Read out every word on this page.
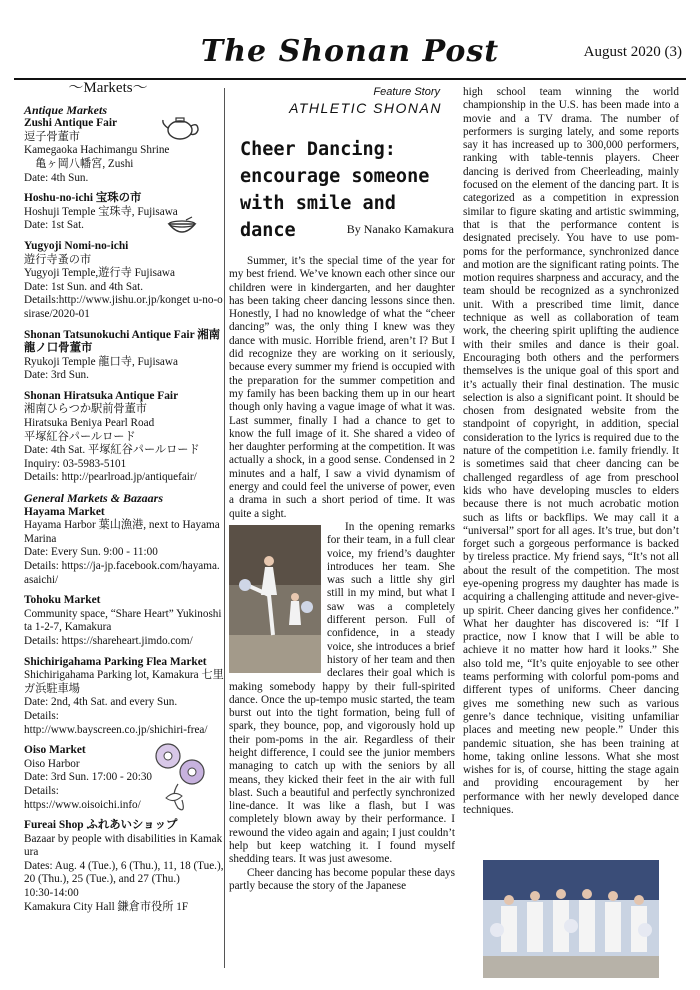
The Shonan Post	August 2020 (3)
～Markets～
Antique Markets
Zushi Antique Fair
逗子骨董市
Kamegaoka Hachimangu Shrine
　亀ヶ岡八幡宮, Zushi
Date: 4th Sun.
Hoshu-no-ichi 宝珠の市
Hoshuji Temple 宝珠寺, Fujisawa
Date: 1st Sat.
Yugyoji Nomi-no-ichi
遊行寺蚤の市
Yugyoji Temple,遊行寺 Fujisawa
Date: 1st Sun. and 4th Sat.
Details:http://www.jishu.or.jp/konget u-no-osirase/2020-01
Shonan Tatsunokuchi Antique Fair 湘南龍ノ口骨董市
Ryukoji Temple 龍口寺, Fujisawa
Date: 3rd Sun.
Shonan Hiratsuka Antique Fair
湘南ひらつか駅前骨董市
Hiratsuka Beniya Pearl Road
平塚紅谷パールロード
Date: 4th Sat. 平塚紅谷パールロード
Inquiry: 03-5983-5101
Details: http://pearlroad.jp/antiquefair/
General Markets & Bazaars
Hayama Market
Hayama Harbor 葉山漁港, next to Hayama Marina
Date: Every Sun. 9:00 - 11:00
Details: https://ja-jp.facebook.com/hayama.asaichi/
Tohoku Market
Community space, “Share Heart” Yukinoshita 1-2-7, Kamakura
Details: https://shareheart.jimdo.com/
Shichirigahama Parking Flea Market
Shichirigahama Parking lot, Kamakura 七里ガ浜駐車場
Date: 2nd, 4th Sat. and every Sun.
Details:
http://www.bayscreen.co.jp/shichiri-frea/
Oiso Market
Oiso Harbor
Date: 3rd Sun. 17:00 - 20:30
Details:
https://www.oisoichi.info/
Fureai Shop ふれあいショップ
Bazaar by people with disabilities in Kamakura
Dates: Aug. 4 (Tue.), 6 (Thu.), 11, 18 (Tue.), 20 (Thu.), 25 (Tue.), and 27 (Thu.)
10:30-14:00
Kamakura City Hall 鎌倉市役所 1F
Feature Story
ATHLETIC SHONAN
Cheer Dancing: encourage someone with smile and dance	By Nanako Kamakura

Summer, it’s the special time of the year for my best friend. We’ve known each other since our children were in kindergarten, and her daughter has been taking cheer dancing lessons since then. Honestly, I had no knowledge of what the “cheer dancing” was, the only thing I knew was they dance with music. Horrible friend, aren’t I? But I did recognize they are working on it seriously, because every summer my friend is occupied with the preparation for the summer competition and my family has been backing them up in our heart though only having a vague image of what it was. Last summer, finally I had a chance to get to know the full image of it. She shared a video of her daughter performing at the competition. It was actually a shock, in a good sense. Condensed in 2 minutes and a half, I saw a vivid dynamism of energy and could feel the universe of power, even a drama in such a short period of time. It was quite a sight.

In the opening remarks for their team, in a full clear voice, my friend’s daughter introduces her team. She was such a little shy girl still in my mind, but what I saw was a completely different person. Full of confidence, in a steady voice, she introduces a brief history of her team and then declares their goal which is making somebody happy by their full-spirited dance. Once the up-tempo music started, the team burst out into the tight formation, being full of spark, they bounce, pop, and vigorously hold up their pom-poms in the air. Regardless of their height difference, I could see the junior members managing to catch up with the seniors by all means, they kicked their feet in the air with full blast. Such a beautiful and perfectly synchronized line-dance. It was like a flash, but I was completely blown away by their performance. I rewound the video again and again; I just couldn’t help but keep watching it. I found myself shedding tears. It was just awesome.

Cheer dancing has become popular these days partly because the story of the Japanese

high school team winning the world championship in the U.S. has been made into a movie and a TV drama. The number of performers is surging lately, and some reports say it has increased up to 300,000 performers, ranking with table-tennis players. Cheer dancing is derived from Cheerleading, mainly focused on the element of the dancing part. It is categorized as a competition in expression similar to figure skating and artistic swimming, that is that the performance content is designated precisely. You have to use pom-poms for the performance, synchronized dance and motion are the significant rating points. The motion requires sharpness and accuracy, and the team should be recognized as a synchronized unit. With a prescribed time limit, dance technique as well as collaboration of team work, the cheering spirit uplifting the audience with their smiles and dance is their goal. Encouraging both others and the performers themselves is the unique goal of this sport and it’s actually their final destination. The music selection is also a significant point. It should be chosen from designated website from the standpoint of copyright, in addition, special consideration to the lyrics is required due to the nature of the competition i.e. family friendly. It is sometimes said that cheer dancing can be challenged regardless of age from preschool kids who have developing muscles to elders because there is not much acrobatic motion such as lifts or backflips. We may call it a “universal” sport for all ages. It’s true, but don’t forget such a gorgeous performance is backed by tireless practice. My friend says, “It’s not all about the result of the competition. The most eye-opening progress my daughter has made is acquiring a challenging attitude and never-give-up spirit. Cheer dancing gives her confidence.” What her daughter has discovered is: “If I practice, now I know that I will be able to achieve it no matter how hard it looks.” She also told me, “It’s quite enjoyable to see other teams performing with colorful pom-poms and different types of uniforms. Cheer dancing gives me something new such as various genre’s dance technique, visiting unfamiliar places and meeting new people.” Under this pandemic situation, she has been training at home, taking online lessons. What she most wishes for is, of course, hitting the stage again and providing encouragement by her performance with her newly developed dance techniques.
